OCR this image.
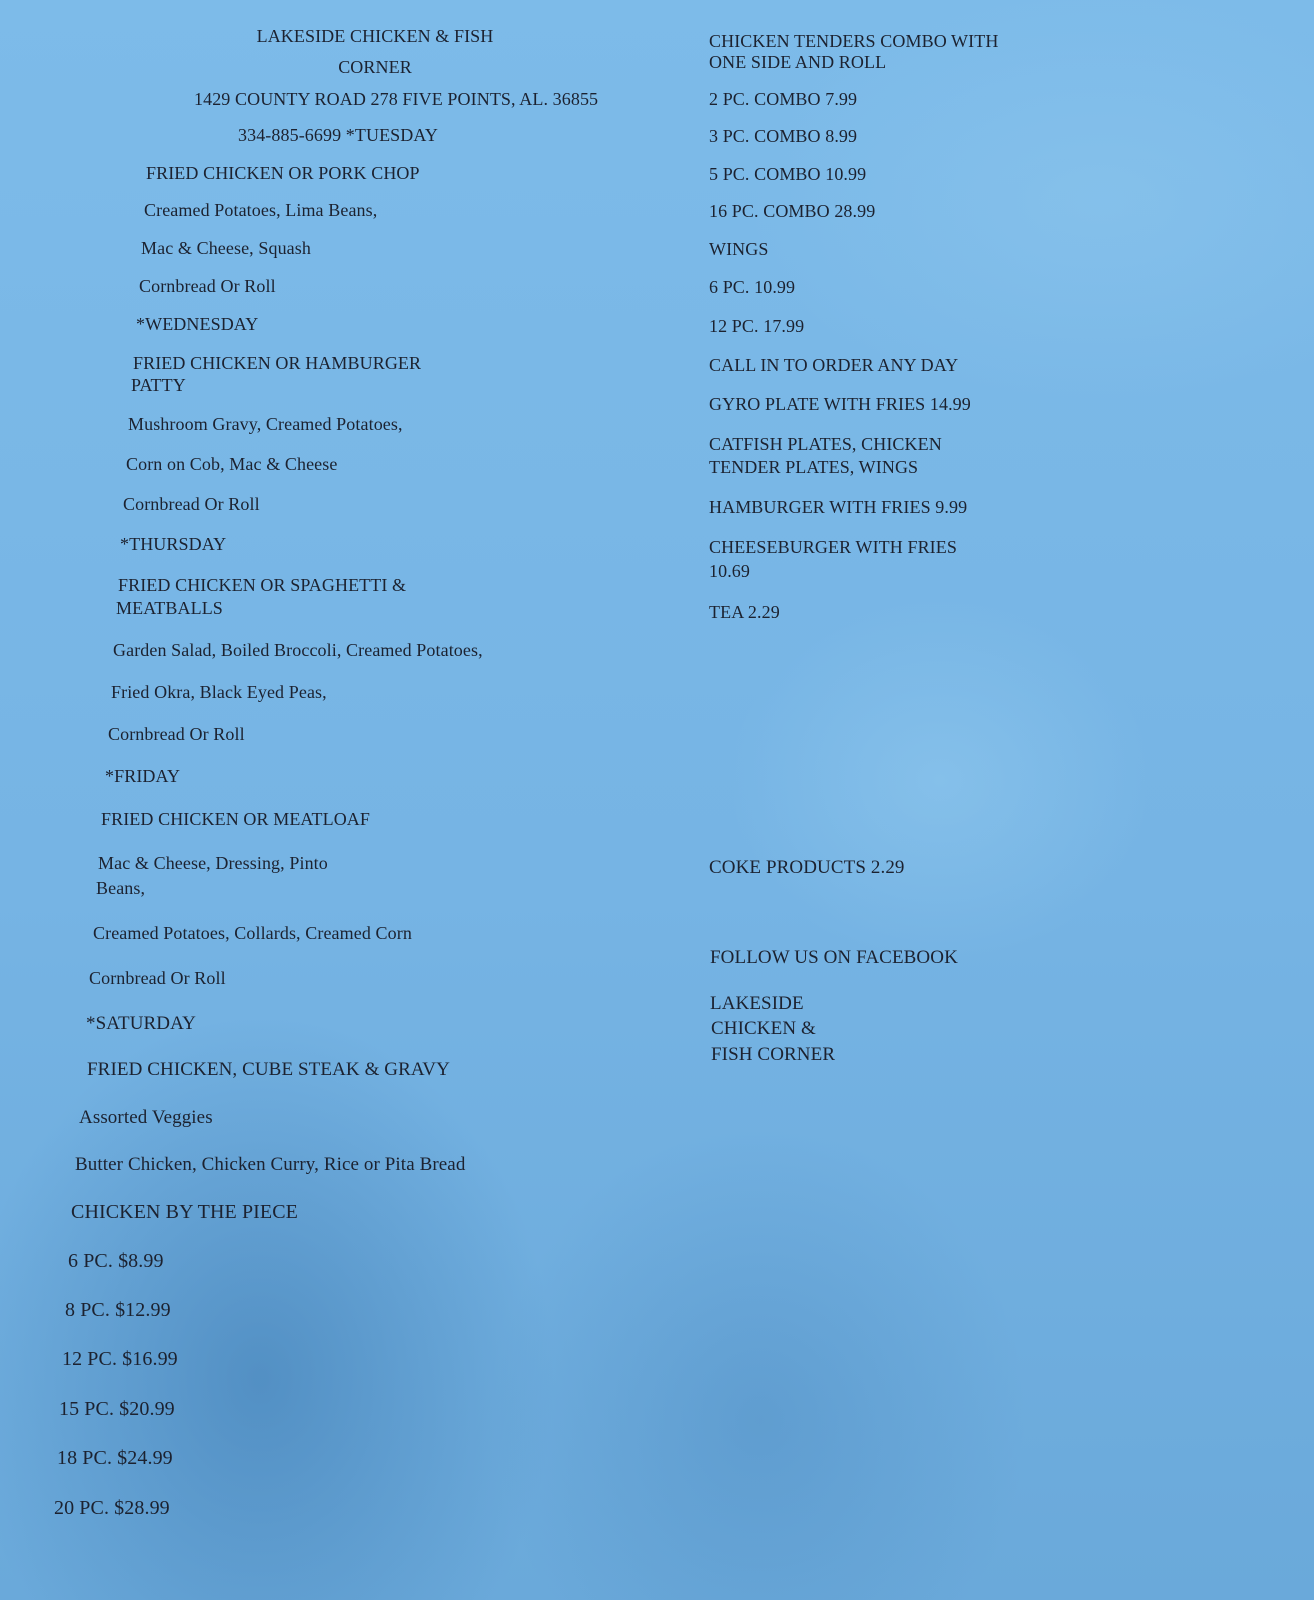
LAKESIDE CHICKEN & FISH
CORNER
1429 COUNTY ROAD 278 FIVE POINTS, AL. 36855
334-885-6699 *TUESDAY
FRIED CHICKEN OR PORK CHOP
Creamed Potatoes, Lima Beans,
Mac & Cheese, Squash
Cornbread Or Roll
*WEDNESDAY
FRIED CHICKEN OR HAMBURGER
PATTY
Mushroom Gravy, Creamed Potatoes,
Corn on Cob, Mac & Cheese
Cornbread Or Roll
*THURSDAY
FRIED CHICKEN OR SPAGHETTI &
MEATBALLS
Garden Salad, Boiled Broccoli, Creamed Potatoes,
Fried Okra, Black Eyed Peas,
Cornbread Or Roll
*FRIDAY
FRIED CHICKEN OR MEATLOAF
Mac & Cheese, Dressing, Pinto
Beans,
Creamed Potatoes, Collards, Creamed Corn
Cornbread Or Roll
*SATURDAY
FRIED CHICKEN, CUBE STEAK & GRAVY
Assorted Veggies
Butter Chicken, Chicken Curry, Rice or Pita Bread
CHICKEN BY THE PIECE
6 PC. $8.99
8 PC. $12.99
12 PC. $16.99
15 PC. $20.99
18 PC. $24.99
20 PC. $28.99
CHICKEN TENDERS COMBO WITH
ONE SIDE AND ROLL
2 PC. COMBO 7.99
3 PC. COMBO 8.99
5 PC. COMBO 10.99
16 PC. COMBO 28.99
WINGS
6 PC. 10.99
12 PC. 17.99
CALL IN TO ORDER ANY DAY
GYRO PLATE WITH FRIES 14.99
CATFISH PLATES, CHICKEN
TENDER PLATES, WINGS
HAMBURGER WITH FRIES 9.99
CHEESEBURGER WITH FRIES
10.69
TEA 2.29
COKE PRODUCTS 2.29
FOLLOW US ON FACEBOOK
LAKESIDE
CHICKEN &
FISH CORNER
